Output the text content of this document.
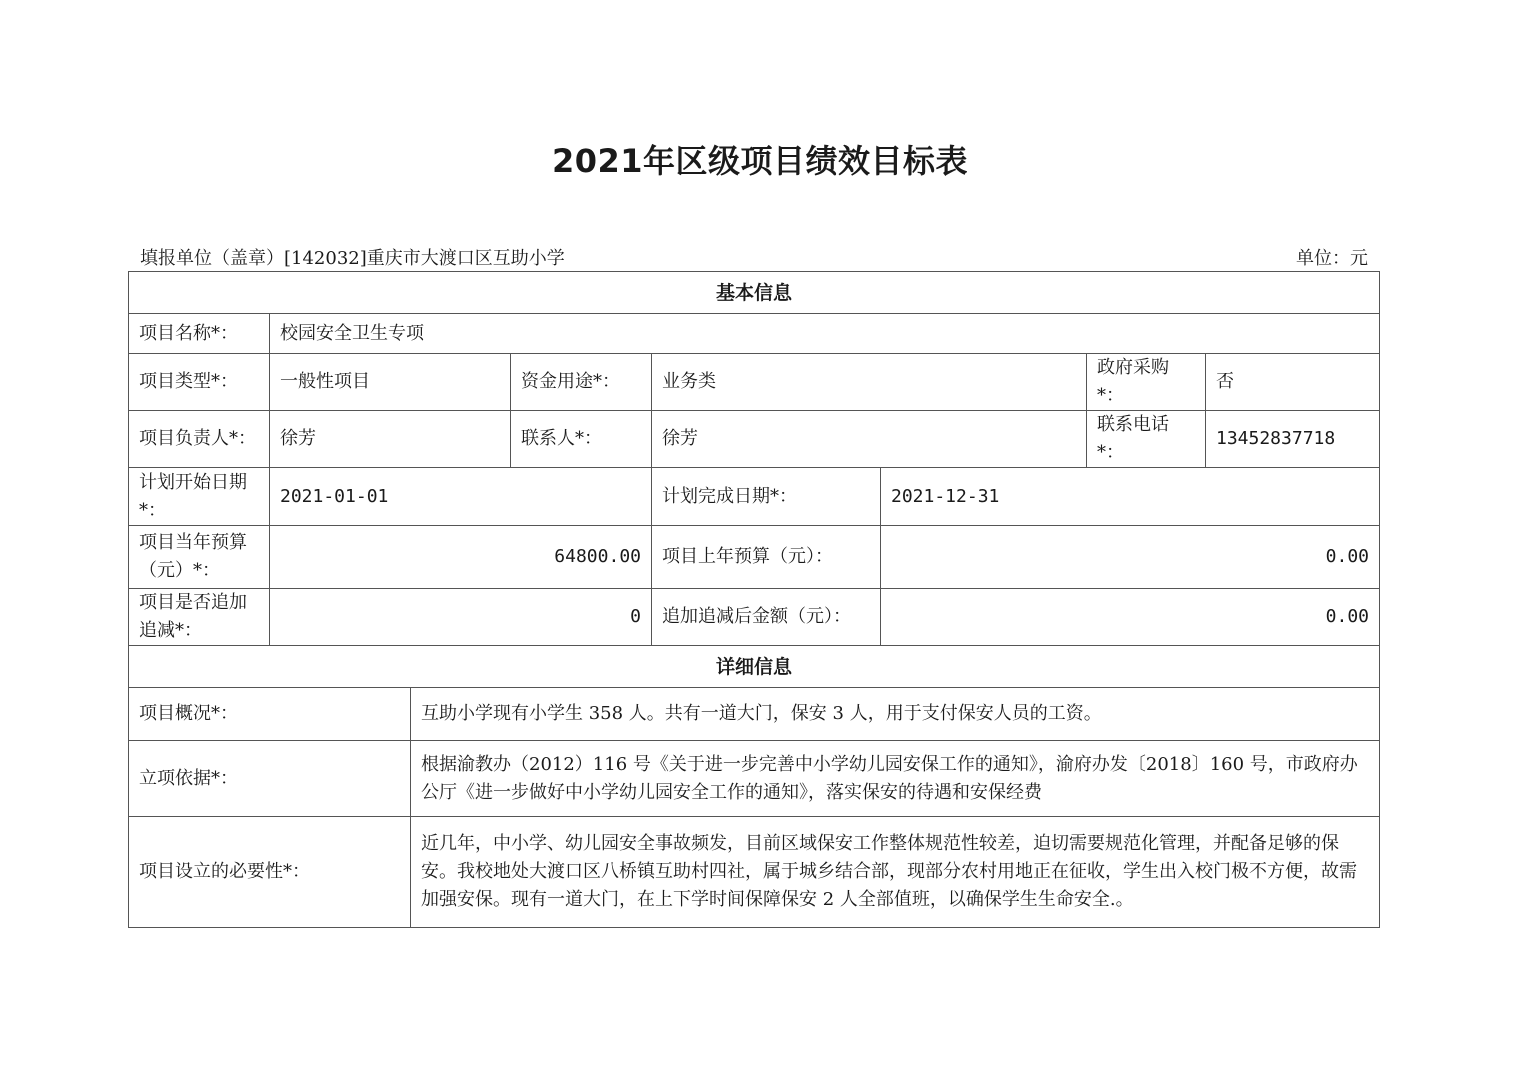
2021年区级项目绩效目标表
填报单位（盖章）[142032]重庆市大渡口区互助小学	单位：元
基本信息							
项目名称*：	校园安全卫生专项						
项目类型*：	一般性项目		资金用途*：	业务类		政府采购*：	否
项目负责人*：	徐芳		联系人*：	徐芳		联系电话*：	13452837718
计划开始日期*：	2021-01-01			计划完成日期*：	2021-12-31		
项目当年预算（元）*：	64800.00			项目上年预算（元）：	0.00		
项目是否追加追减*：	0			追加追减后金额（元）：	0.00		
详细信息							
项目概况*：		互助小学现有小学生 358 人。共有一道大门，保安 3 人，用于支付保安人员的工资。					
立项依据*：		根据渝教办（2012）116 号《关于进一步完善中小学幼儿园安保工作的通知》，渝府办发〔2018〕160 号，市政府办公厅《进一步做好中小学幼儿园安全工作的通知》，落实保安的待遇和安保经费					
项目设立的必要性*：		近几年，中小学、幼儿园安全事故频发，目前区域保安工作整体规范性较差，迫切需要规范化管理，并配备足够的保安。我校地处大渡口区八桥镇互助村四社，属于城乡结合部，现部分农村用地正在征收，学生出入校门极不方便，故需加强安保。现有一道大门，在上下学时间保障保安 2 人全部值班，以确保学生生命安全.。					
